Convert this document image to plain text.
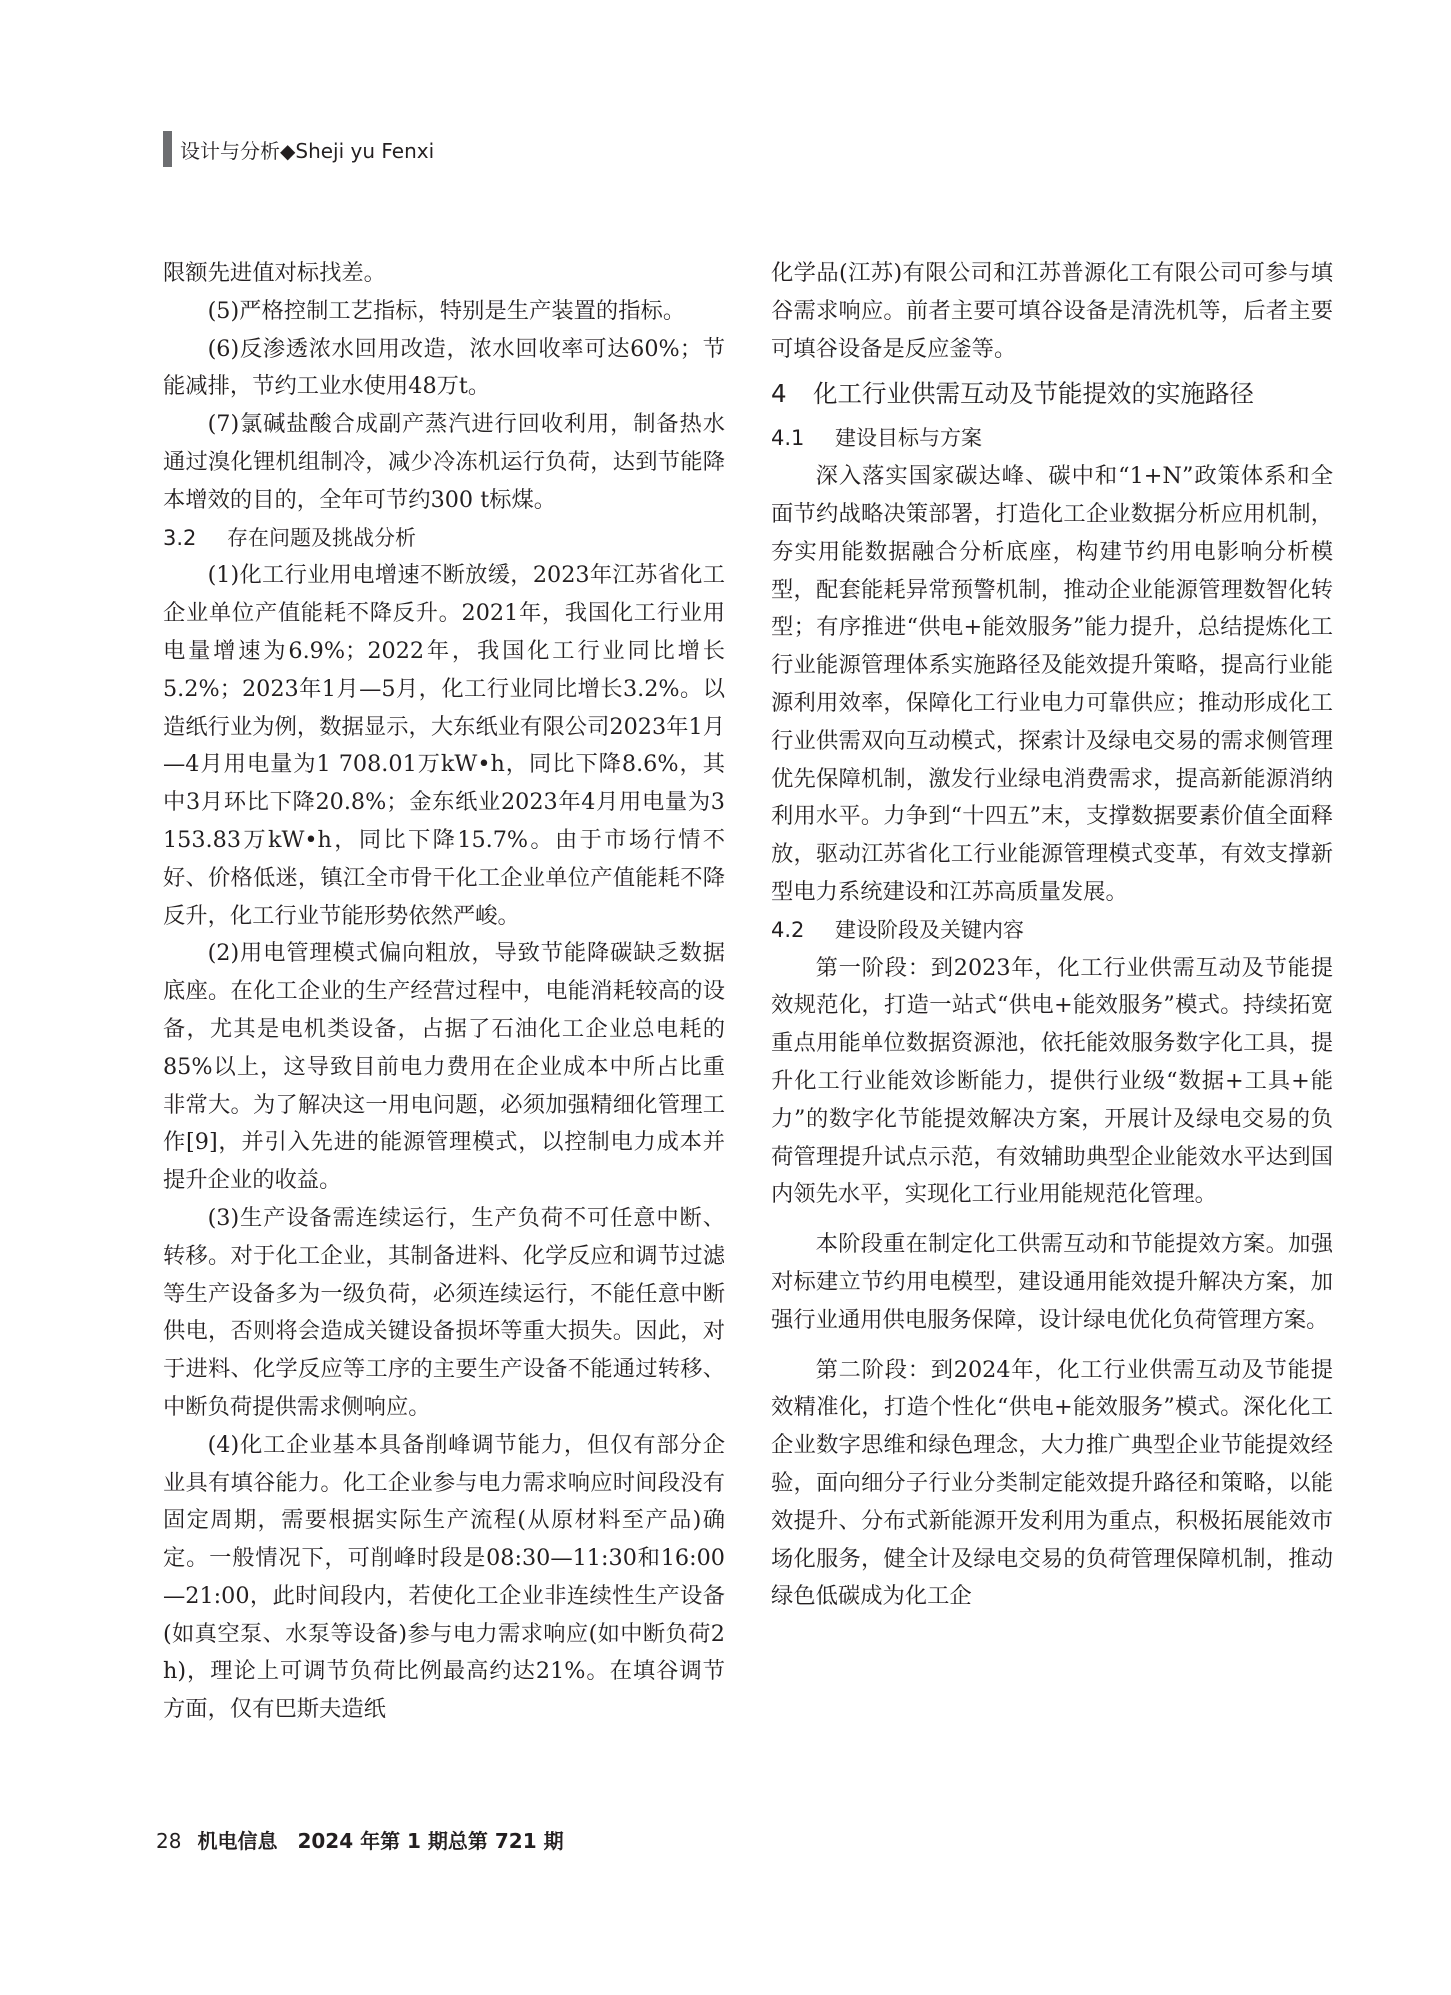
设计与分析◆Sheji yu Fenxi

限额先进值对标找差。

(5)严格控制工艺指标，特别是生产装置的指标。

(6)反渗透浓水回用改造，浓水回收率可达60%；节能减排，节约工业水使用48万t。

(7)氯碱盐酸合成副产蒸汽进行回收利用，制备热水通过溴化锂机组制冷，减少冷冻机运行负荷，达到节能降本增效的目的，全年可节约300 t标煤。

3.2 存在问题及挑战分析

(1)化工行业用电增速不断放缓，2023年江苏省化工企业单位产值能耗不降反升。2021年，我国化工行业用电量增速为6.9%；2022年，我国化工行业同比增长5.2%；2023年1月—5月，化工行业同比增长3.2%。以造纸行业为例，数据显示，大东纸业有限公司2023年1月—4月用电量为1 708.01万kW•h，同比下降8.6%，其中3月环比下降20.8%；金东纸业2023年4月用电量为3 153.83万kW•h，同比下降15.7%。由于市场行情不好、价格低迷，镇江全市骨干化工企业单位产值能耗不降反升，化工行业节能形势依然严峻。

(2)用电管理模式偏向粗放，导致节能降碳缺乏数据底座。在化工企业的生产经营过程中，电能消耗较高的设备，尤其是电机类设备，占据了石油化工企业总电耗的85%以上，这导致目前电力费用在企业成本中所占比重非常大。为了解决这一用电问题，必须加强精细化管理工作[9]，并引入先进的能源管理模式，以控制电力成本并提升企业的收益。

(3)生产设备需连续运行，生产负荷不可任意中断、转移。对于化工企业，其制备进料、化学反应和调节过滤等生产设备多为一级负荷，必须连续运行，不能任意中断供电，否则将会造成关键设备损坏等重大损失。因此，对于进料、化学反应等工序的主要生产设备不能通过转移、中断负荷提供需求侧响应。

(4)化工企业基本具备削峰调节能力，但仅有部分企业具有填谷能力。化工企业参与电力需求响应时间段没有固定周期，需要根据实际生产流程(从原材料至产品)确定。一般情况下，可削峰时段是08:30—11:30和16:00—21:00，此时间段内，若使化工企业非连续性生产设备(如真空泵、水泵等设备)参与电力需求响应(如中断负荷2 h)，理论上可调节负荷比例最高约达21%。在填谷调节方面，仅有巴斯夫造纸

化学品(江苏)有限公司和江苏普源化工有限公司可参与填谷需求响应。前者主要可填谷设备是清洗机等，后者主要可填谷设备是反应釜等。

4 化工行业供需互动及节能提效的实施路径
4.1 建设目标与方案

深入落实国家碳达峰、碳中和“1+N”政策体系和全面节约战略决策部署，打造化工企业数据分析应用机制，夯实用能数据融合分析底座，构建节约用电影响分析模型，配套能耗异常预警机制，推动企业能源管理数智化转型；有序推进“供电+能效服务”能力提升，总结提炼化工行业能源管理体系实施路径及能效提升策略，提高行业能源利用效率，保障化工行业电力可靠供应；推动形成化工行业供需双向互动模式，探索计及绿电交易的需求侧管理优先保障机制，激发行业绿电消费需求，提高新能源消纳利用水平。力争到“十四五”末，支撑数据要素价值全面释放，驱动江苏省化工行业能源管理模式变革，有效支撑新型电力系统建设和江苏高质量发展。

4.2 建设阶段及关键内容

第一阶段：到2023年，化工行业供需互动及节能提效规范化，打造一站式“供电+能效服务”模式。持续拓宽重点用能单位数据资源池，依托能效服务数字化工具，提升化工行业能效诊断能力，提供行业级“数据+工具+能力”的数字化节能提效解决方案，开展计及绿电交易的负荷管理提升试点示范，有效辅助典型企业能效水平达到国内领先水平，实现化工行业用能规范化管理。

本阶段重在制定化工供需互动和节能提效方案。加强对标建立节约用电模型，建设通用能效提升解决方案，加强行业通用供电服务保障，设计绿电优化负荷管理方案。

第二阶段：到2024年，化工行业供需互动及节能提效精准化，打造个性化“供电+能效服务”模式。深化化工企业数字思维和绿色理念，大力推广典型企业节能提效经验，面向细分子行业分类制定能效提升路径和策略，以能效提升、分布式新能源开发利用为重点，积极拓展能效市场化服务，健全计及绿电交易的负荷管理保障机制，推动绿色低碳成为化工企

28 机电信息　2024 年第 1 期总第 721 期
